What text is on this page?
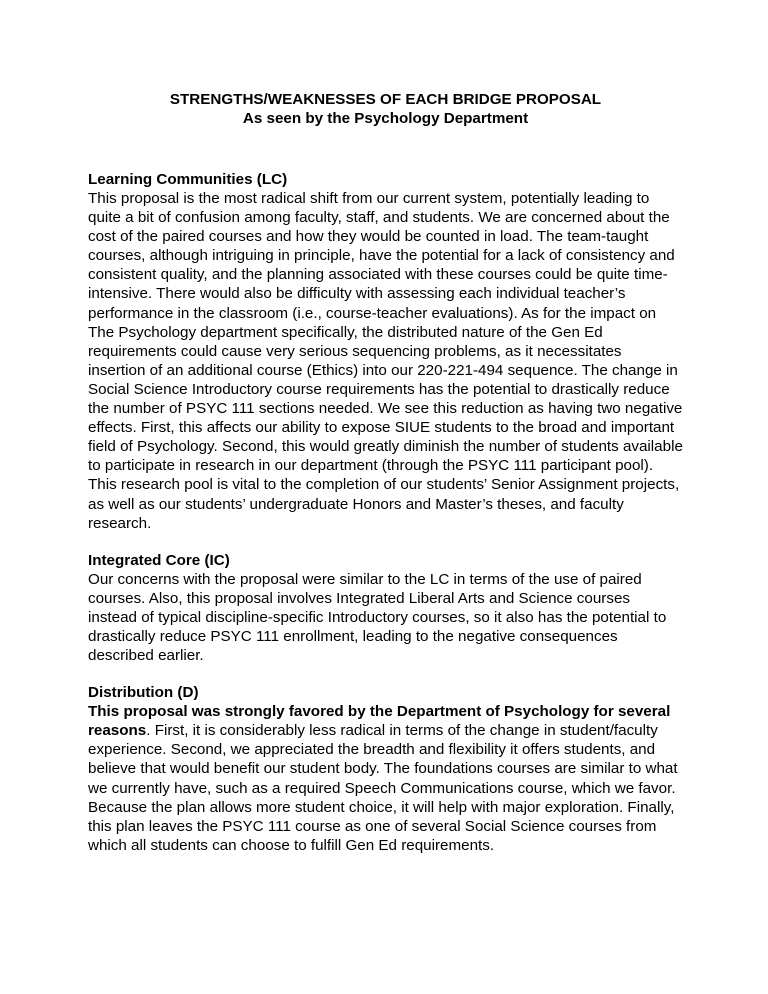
STRENGTHS/WEAKNESSES OF EACH BRIDGE PROPOSAL
As seen by the Psychology Department
Learning Communities (LC)
This proposal is the most radical shift from our current system, potentially leading to quite a bit of confusion among faculty, staff, and students. We are concerned about the cost of the paired courses and how they would be counted in load. The team-taught courses, although intriguing in principle, have the potential for a lack of consistency and consistent quality, and the planning associated with these courses could be quite time-intensive. There would also be difficulty with assessing each individual teacher’s performance in the classroom (i.e., course-teacher evaluations). As for the impact on The Psychology department specifically, the distributed nature of the Gen Ed requirements could cause very serious sequencing problems, as it necessitates insertion of an additional course (Ethics) into our 220-221-494 sequence. The change in Social Science Introductory course requirements has the potential to drastically reduce the number of PSYC 111 sections needed. We see this reduction as having two negative effects. First, this affects our ability to expose SIUE students to the broad and important field of Psychology. Second, this would greatly diminish the number of students available to participate in research in our department (through the PSYC 111 participant pool). This research pool is vital to the completion of our students’ Senior Assignment projects, as well as our students’ undergraduate Honors and Master’s theses, and faculty research.
Integrated Core (IC)
Our concerns with the proposal were similar to the LC in terms of the use of paired courses. Also, this proposal involves Integrated Liberal Arts and Science courses instead of typical discipline-specific Introductory courses, so it also has the potential to drastically reduce PSYC 111 enrollment, leading to the negative consequences described earlier.
Distribution (D)
This proposal was strongly favored by the Department of Psychology for several reasons. First, it is considerably less radical in terms of the change in student/faculty experience. Second, we appreciated the breadth and flexibility it offers students, and believe that would benefit our student body. The foundations courses are similar to what we currently have, such as a required Speech Communications course, which we favor. Because the plan allows more student choice, it will help with major exploration. Finally, this plan leaves the PSYC 111 course as one of several Social Science courses from which all students can choose to fulfill Gen Ed requirements.
